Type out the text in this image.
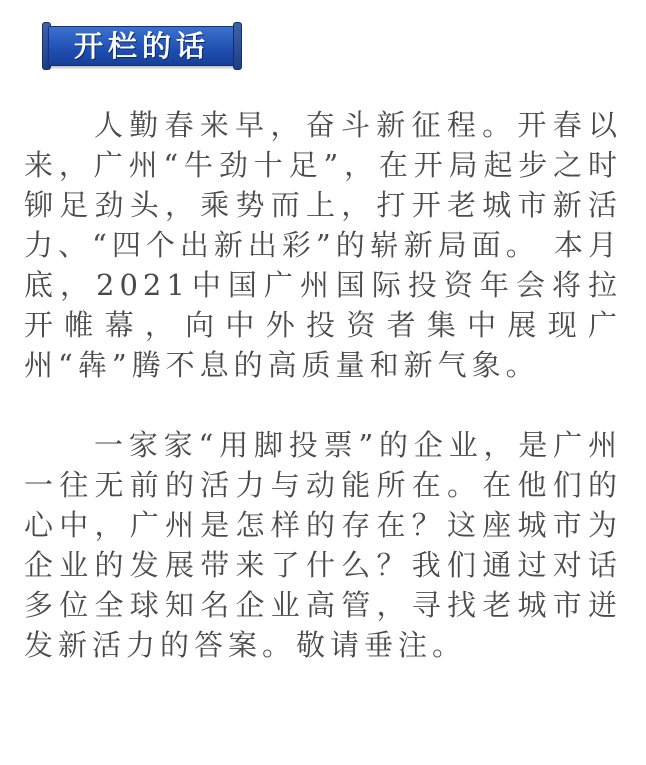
开栏的话

人勤春来早，奋斗新征程。开春以来，广州“牛劲十足”，在开局起步之时铆足劲头，乘势而上，打开老城市新活力、“四个出新出彩”的崭新局面。 本月底，2021中国广州国际投资年会将拉开帷幕，向中外投资者集中展现广州“犇”腾不息的高质量和新气象。

一家家“用脚投票”的企业，是广州一往无前的活力与动能所在。在他们的心中，广州是怎样的存在？这座城市为企业的发展带来了什么？我们通过对话多位全球知名企业高管，寻找老城市迸发新活力的答案。敬请垂注。
